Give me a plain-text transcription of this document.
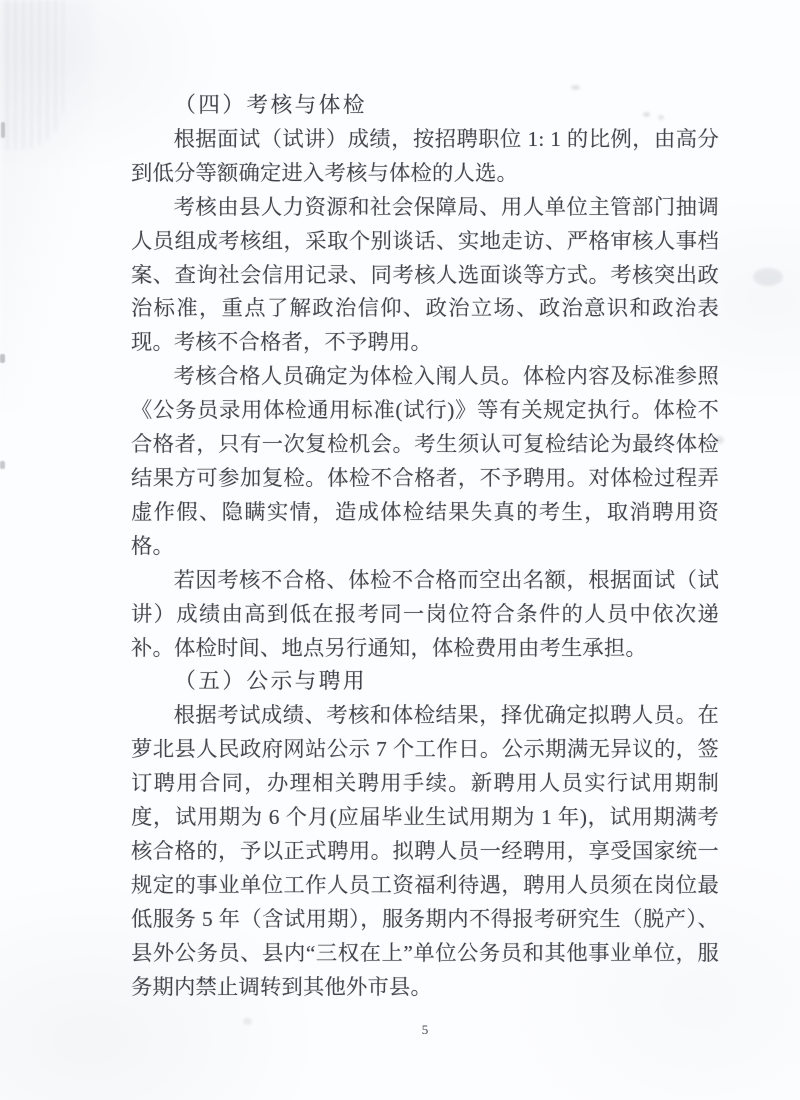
（四）考核与体检

根据面试（试讲）成绩，按招聘职位 1: 1 的比例，由高分到低分等额确定进入考核与体检的人选。

考核由县人力资源和社会保障局、用人单位主管部门抽调人员组成考核组，采取个别谈话、实地走访、严格审核人事档案、查询社会信用记录、同考核人选面谈等方式。考核突出政治标准，重点了解政治信仰、政治立场、政治意识和政治表现。考核不合格者，不予聘用。

考核合格人员确定为体检入闱人员。体检内容及标准参照《公务员录用体检通用标准(试行)》等有关规定执行。体检不合格者，只有一次复检机会。考生须认可复检结论为最终体检结果方可参加复检。体检不合格者，不予聘用。对体检过程弄虚作假、隐瞒实情，造成体检结果失真的考生，取消聘用资格。

若因考核不合格、体检不合格而空出名额，根据面试（试讲）成绩由高到低在报考同一岗位符合条件的人员中依次递补。体检时间、地点另行通知，体检费用由考生承担。

（五）公示与聘用

根据考试成绩、考核和体检结果，择优确定拟聘人员。在萝北县人民政府网站公示 7 个工作日。公示期满无异议的，签订聘用合同，办理相关聘用手续。新聘用人员实行试用期制度，试用期为 6 个月(应届毕业生试用期为 1 年)，试用期满考核合格的，予以正式聘用。拟聘人员一经聘用，享受国家统一规定的事业单位工作人员工资福利待遇，聘用人员须在岗位最低服务 5 年（含试用期），服务期内不得报考研究生（脱产）、县外公务员、县内“三权在上”单位公务员和其他事业单位，服务期内禁止调转到其他外市县。

5
